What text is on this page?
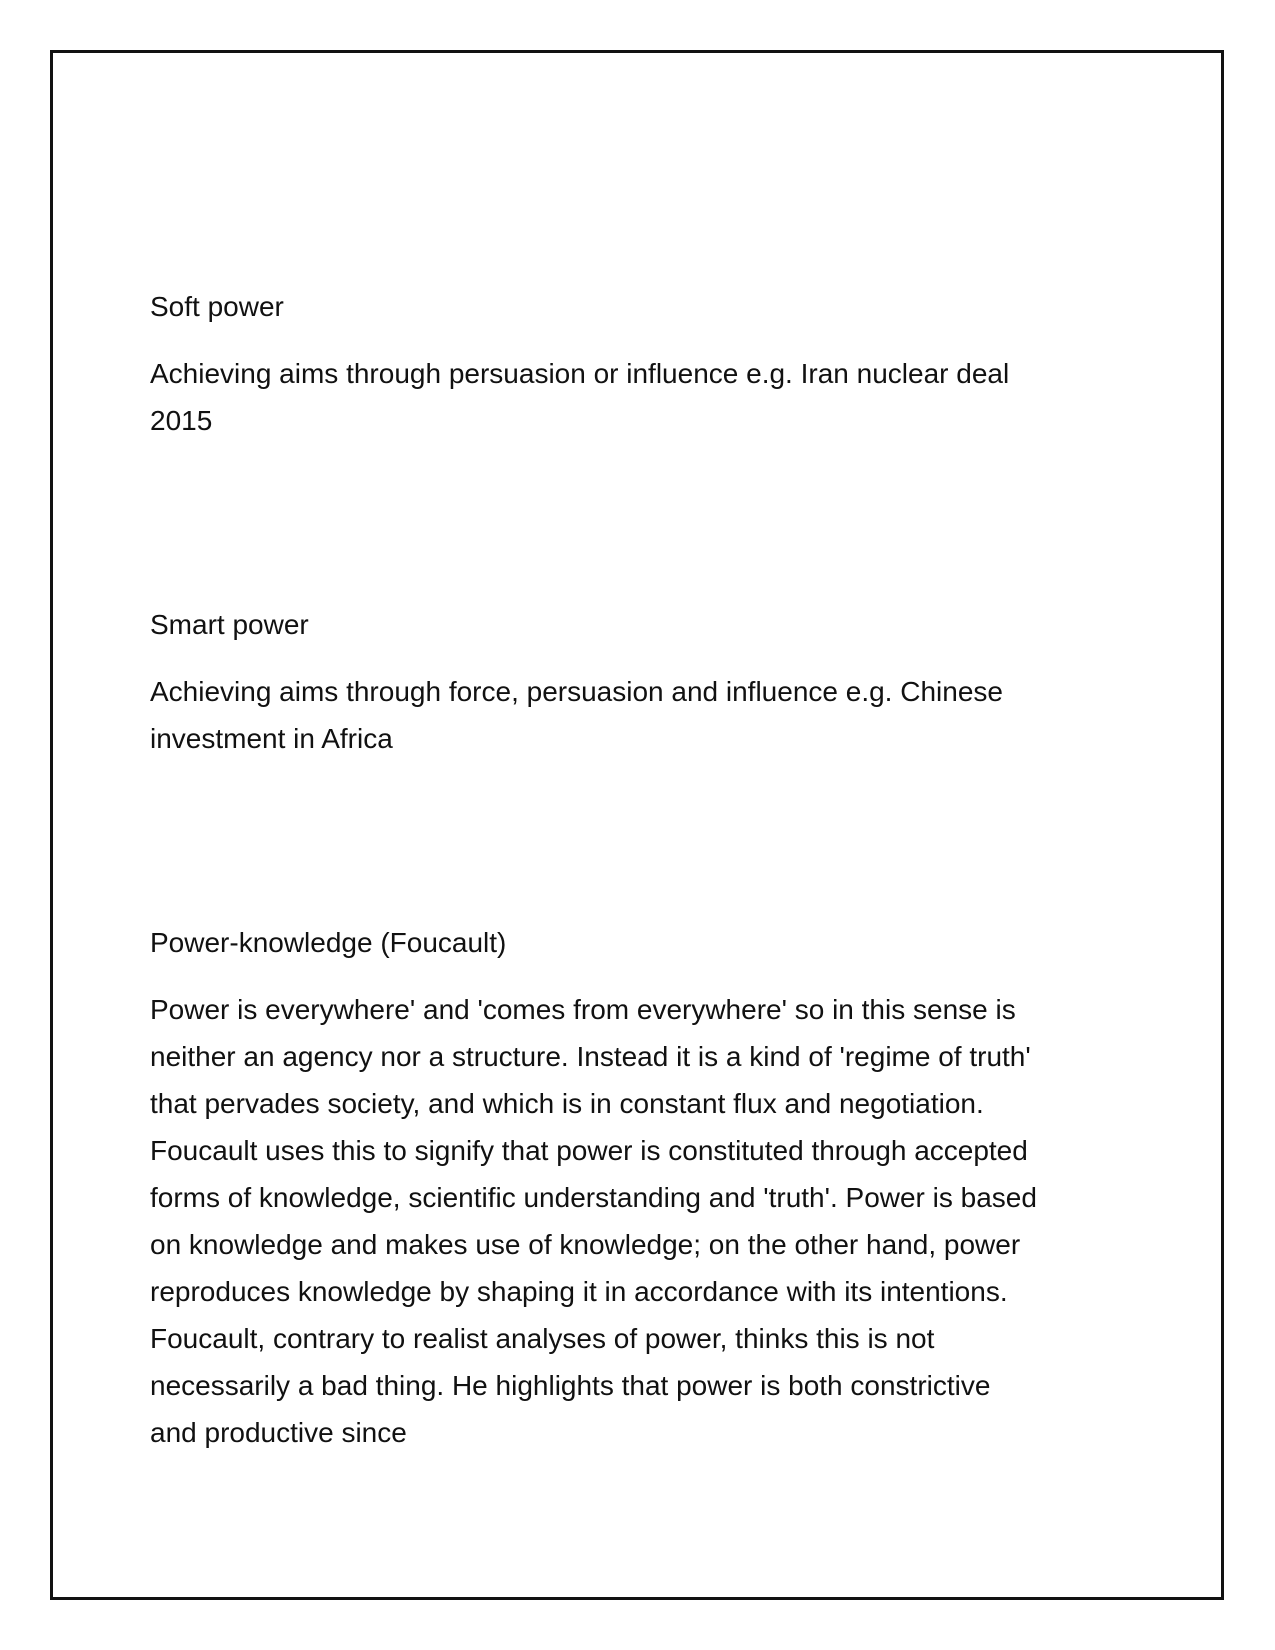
Soft power

Achieving aims through persuasion or influence e.g. Iran nuclear deal
2015

Smart power

Achieving aims through force, persuasion and influence e.g. Chinese
investment in Africa

Power-knowledge (Foucault)

Power is everywhere' and 'comes from everywhere' so in this sense is
neither an agency nor a structure. Instead it is a kind of 'regime of truth'
that pervades society, and which is in constant flux and negotiation.
Foucault uses this to signify that power is constituted through accepted
forms of knowledge, scientific understanding and 'truth'. Power is based
on knowledge and makes use of knowledge; on the other hand, power
reproduces knowledge by shaping it in accordance with its intentions.
Foucault, contrary to realist analyses of power, thinks this is not
necessarily a bad thing. He highlights that power is both constrictive
and productive since
